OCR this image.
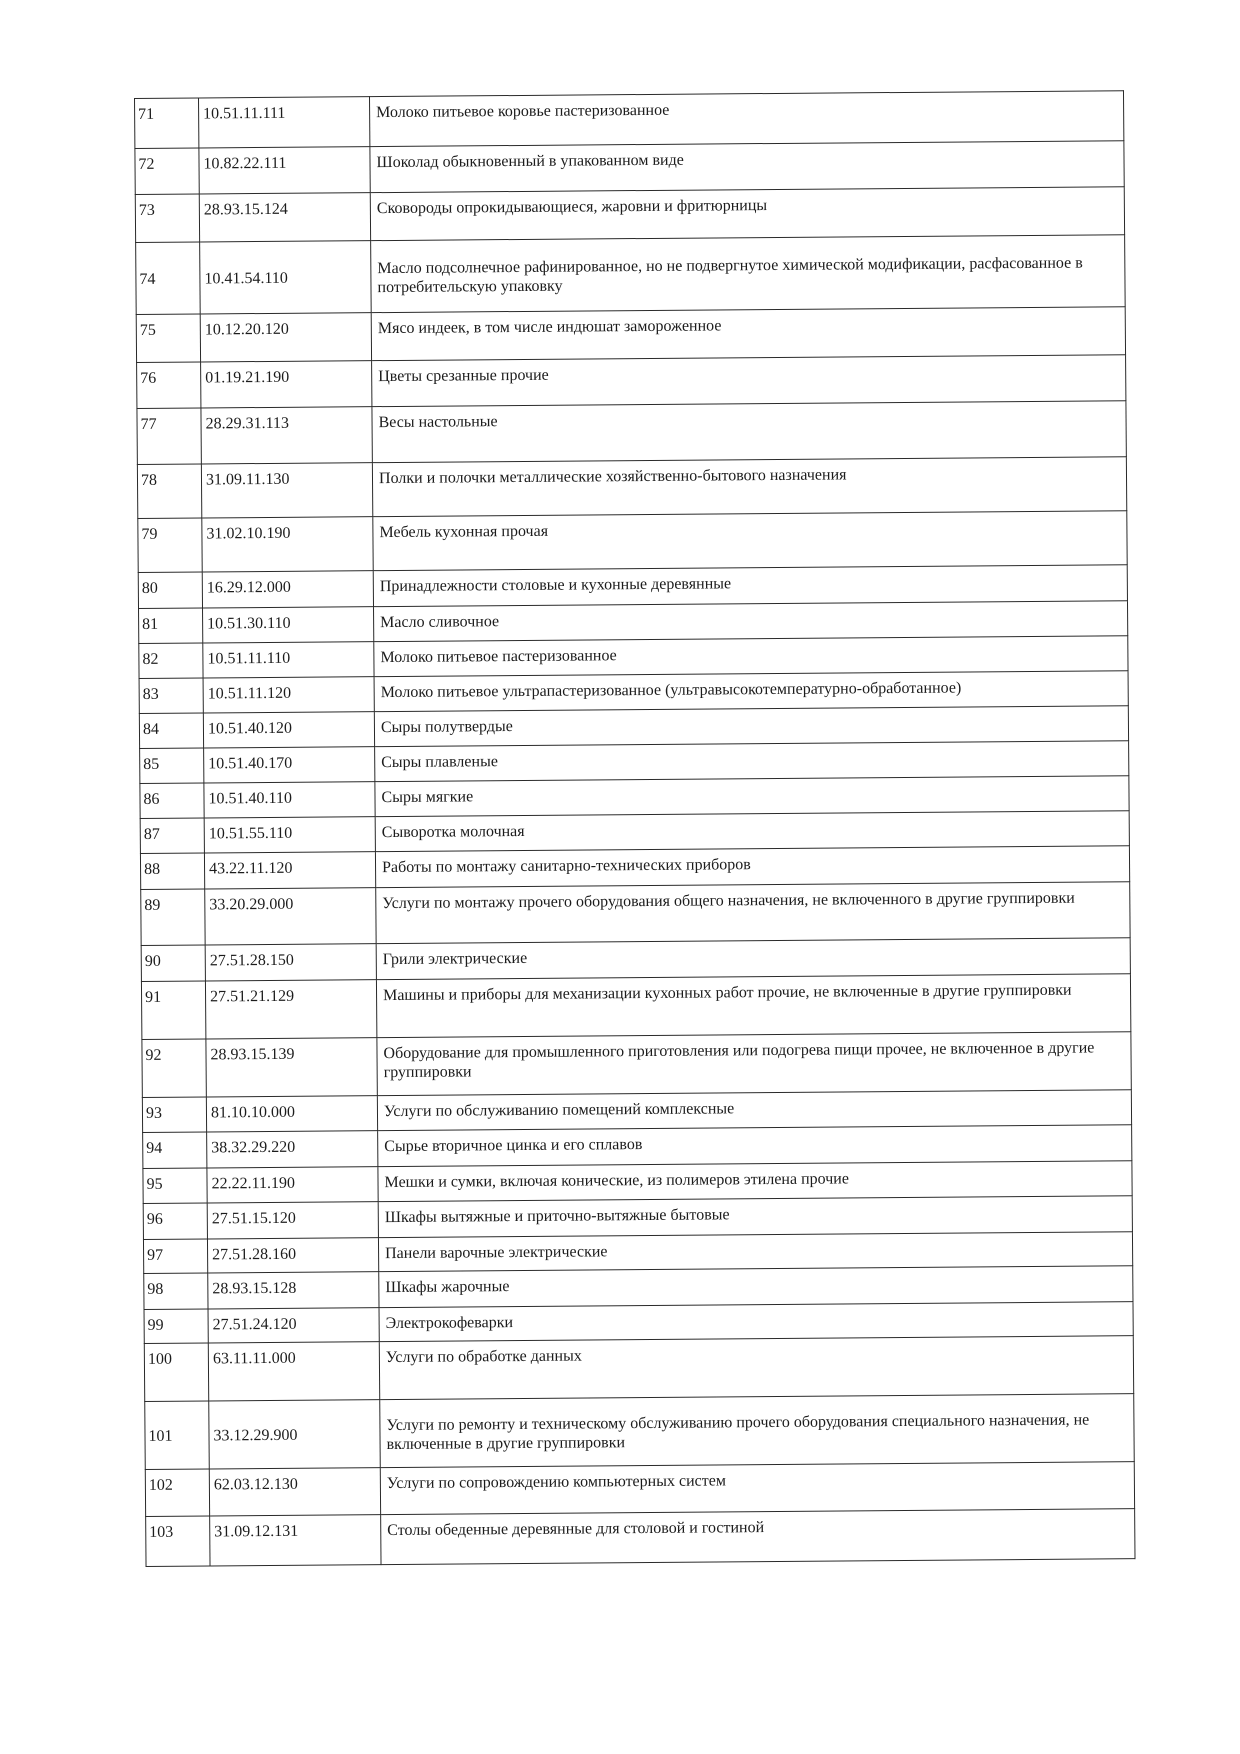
71	10.51.11.111	Молоко питьевое коровье пастеризованное
72	10.82.22.111	Шоколад обыкновенный в упакованном виде
73	28.93.15.124	Сковороды опрокидывающиеся, жаровни и фритюрницы
74	10.41.54.110	Масло подсолнечное рафинированное, но не подвергнутое химической модификации, расфасованное в потребительскую упаковку
75	10.12.20.120	Мясо индеек, в том числе индюшат замороженное
76	01.19.21.190	Цветы срезанные прочие
77	28.29.31.113	Весы настольные
78	31.09.11.130	Полки и полочки металлические хозяйственно-бытового назначения
79	31.02.10.190	Мебель кухонная прочая
80	16.29.12.000	Принадлежности столовые и кухонные деревянные
81	10.51.30.110	Масло сливочное
82	10.51.11.110	Молоко питьевое пастеризованное
83	10.51.11.120	Молоко питьевое ультрапастеризованное (ультравысокотемпературно-обработанное)
84	10.51.40.120	Сыры полутвердые
85	10.51.40.170	Сыры плавленые
86	10.51.40.110	Сыры мягкие
87	10.51.55.110	Сыворотка молочная
88	43.22.11.120	Работы по монтажу санитарно-технических приборов
89	33.20.29.000	Услуги по монтажу прочего оборудования общего назначения, не включенного в другие группировки
90	27.51.28.150	Грили электрические
91	27.51.21.129	Машины и приборы для механизации кухонных работ прочие, не включенные в другие группировки
92	28.93.15.139	Оборудование для промышленного приготовления или подогрева пищи прочее, не включенное в другие группировки
93	81.10.10.000	Услуги по обслуживанию помещений комплексные
94	38.32.29.220	Сырье вторичное цинка и его сплавов
95	22.22.11.190	Мешки и сумки, включая конические, из полимеров этилена прочие
96	27.51.15.120	Шкафы вытяжные и приточно-вытяжные бытовые
97	27.51.28.160	Панели варочные электрические
98	28.93.15.128	Шкафы жарочные
99	27.51.24.120	Электрокофеварки
100	63.11.11.000	Услуги по обработке данных
101	33.12.29.900	Услуги по ремонту и техническому обслуживанию прочего оборудования специального назначения, не включенные в другие группировки
102	62.03.12.130	Услуги по сопровождению компьютерных систем
103	31.09.12.131	Столы обеденные деревянные для столовой и гостиной
